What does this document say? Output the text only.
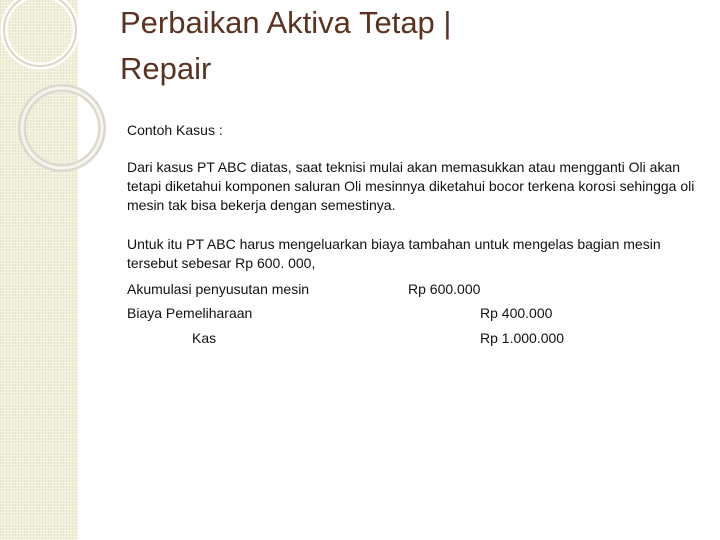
Perbaikan Aktiva Tetap |
Repair

Contoh Kasus :

Dari kasus PT ABC diatas, saat teknisi mulai akan memasukkan atau mengganti Oli akan tetapi diketahui komponen saluran Oli mesinnya diketahui bocor terkena korosi sehingga oli mesin tak bisa bekerja dengan semestinya.

Untuk itu PT ABC harus mengeluarkan biaya tambahan untuk mengelas bagian mesin tersebut sebesar Rp 600. 000,

Akumulasi penyusutan mesin	Rp 600.000
Biaya Pemeliharaan	Rp 400.000
Kas	Rp 1.000.000
